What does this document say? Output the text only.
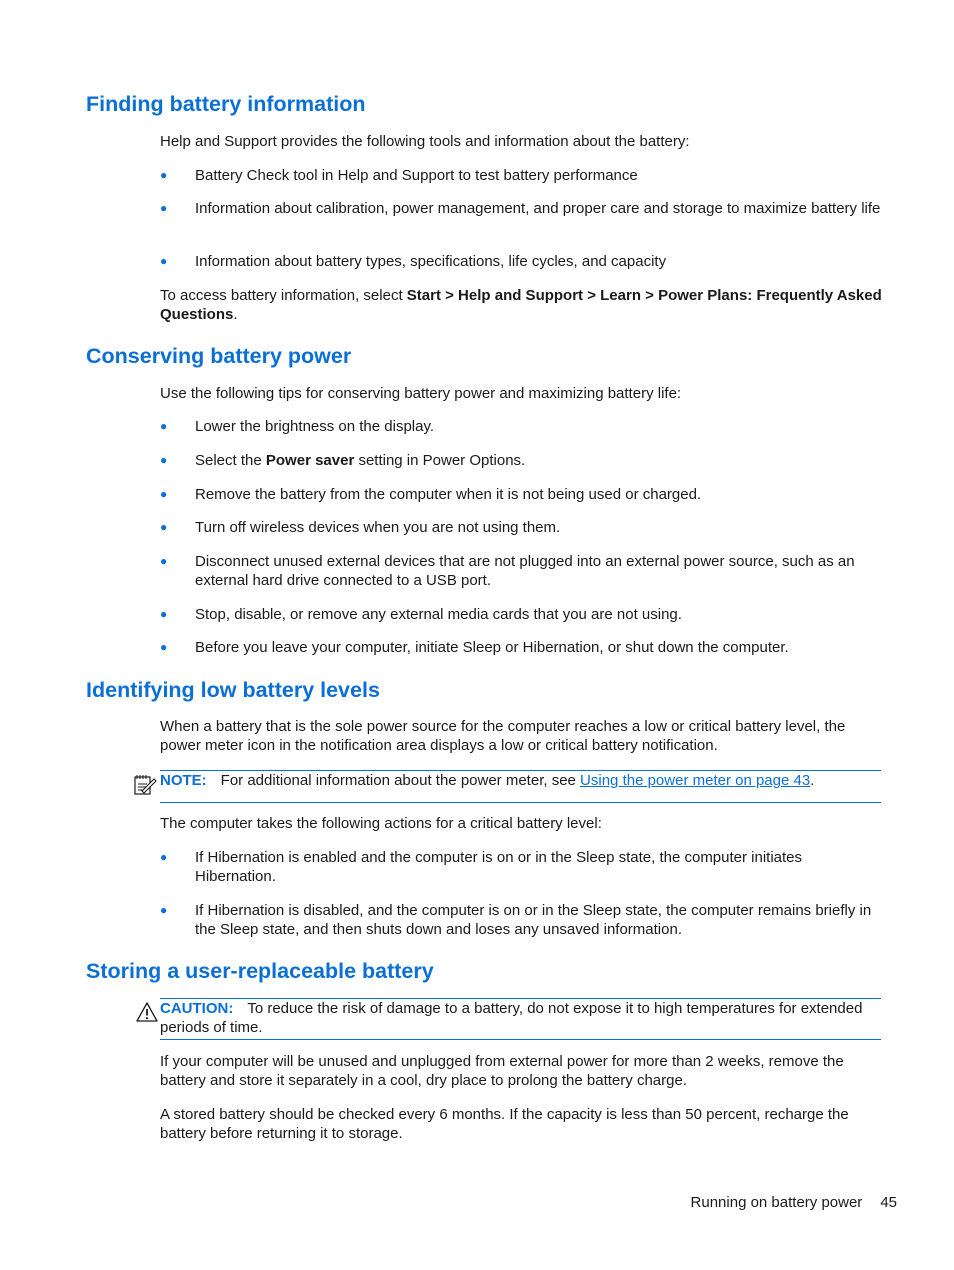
Finding battery information

Help and Support provides the following tools and information about the battery:

●	Battery Check tool in Help and Support to test battery performance
●	Information about calibration, power management, and proper care and storage to maximize battery life
●	Information about battery types, specifications, life cycles, and capacity

To access battery information, select Start > Help and Support > Learn > Power Plans: Frequently Asked Questions.

Conserving battery power

Use the following tips for conserving battery power and maximizing battery life:

●	Lower the brightness on the display.
●	Select the Power saver setting in Power Options.
●	Remove the battery from the computer when it is not being used or charged.
●	Turn off wireless devices when you are not using them.
●	Disconnect unused external devices that are not plugged into an external power source, such as an external hard drive connected to a USB port.
●	Stop, disable, or remove any external media cards that you are not using.
●	Before you leave your computer, initiate Sleep or Hibernation, or shut down the computer.
Identifying low battery levels

When a battery that is the sole power source for the computer reaches a low or critical battery level, the power meter icon in the notification area displays a low or critical battery notification.

NOTE: For additional information about the power meter, see Using the power meter on page 43.

The computer takes the following actions for a critical battery level:

●	If Hibernation is enabled and the computer is on or in the Sleep state, the computer initiates Hibernation.
●	If Hibernation is disabled, and the computer is on or in the Sleep state, the computer remains briefly in the Sleep state, and then shuts down and loses any unsaved information.
Storing a user-replaceable battery
CAUTION: To reduce the risk of damage to a battery, do not expose it to high temperatures for extended periods of time.

If your computer will be unused and unplugged from external power for more than 2 weeks, remove the battery and store it separately in a cool, dry place to prolong the battery charge.

A stored battery should be checked every 6 months. If the capacity is less than 50 percent, recharge the battery before returning it to storage.

Running on battery power 45
